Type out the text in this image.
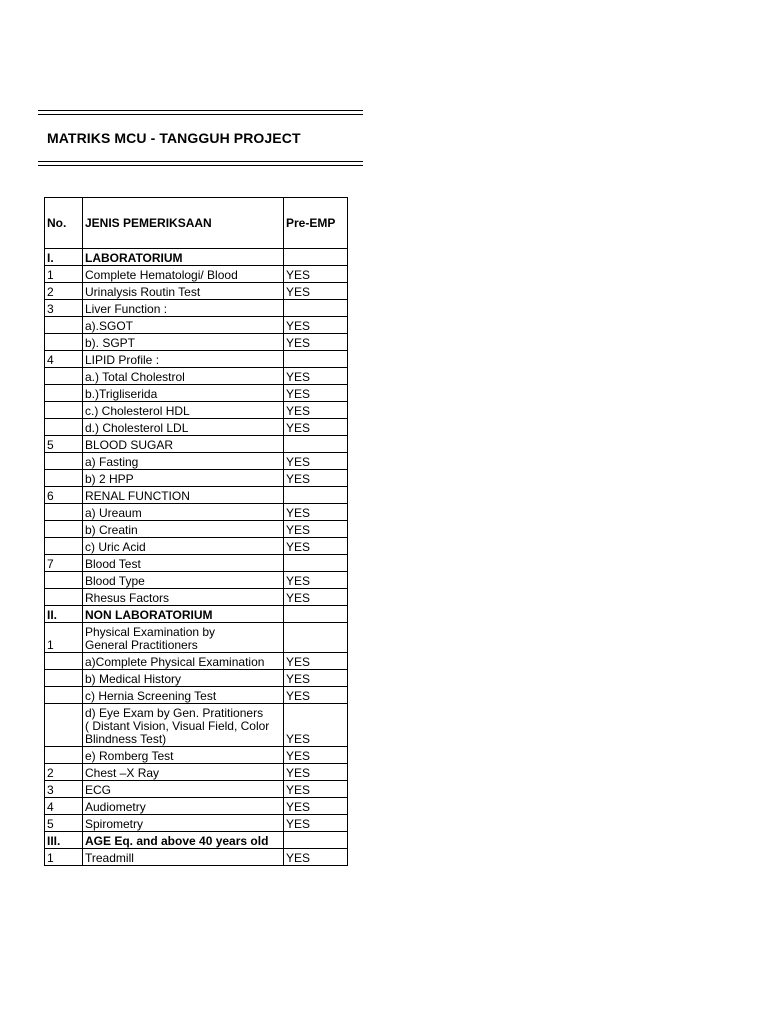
MATRIKS MCU - TANGGUH PROJECT
No.	JENIS PEMERIKSAAN	Pre-EMP
I.	LABORATORIUM	
1	Complete Hematologi/ Blood	YES
2	Urinalysis Routin Test	YES
3	Liver Function :	
	a).SGOT	YES
	b). SGPT	YES
4	LIPID Profile :	
	a.) Total Cholestrol	YES
	b.)Trigliserida	YES
	c.) Cholesterol HDL	YES
	d.) Cholesterol LDL	YES
5	BLOOD SUGAR	
	a) Fasting	YES
	b) 2 HPP	YES
6	RENAL FUNCTION	
	a) Ureaum	YES
	b) Creatin	YES
	c) Uric Acid	YES
7	Blood Test	
	Blood Type	YES
	Rhesus Factors	YES
II.	NON LABORATORIUM	
1	Physical Examination by
General Practitioners	
	a)Complete Physical Examination	YES
	b) Medical History	YES
	c) Hernia Screening Test	YES
	d) Eye Exam by Gen. Pratitioners
( Distant Vision, Visual Field, Color
Blindness Test)	YES
	e) Romberg Test	YES
2	Chest –X Ray	YES
3	ECG	YES
4	Audiometry	YES
5	Spirometry	YES
III.	AGE Eq. and above 40 years old	
1	Treadmill	YES
